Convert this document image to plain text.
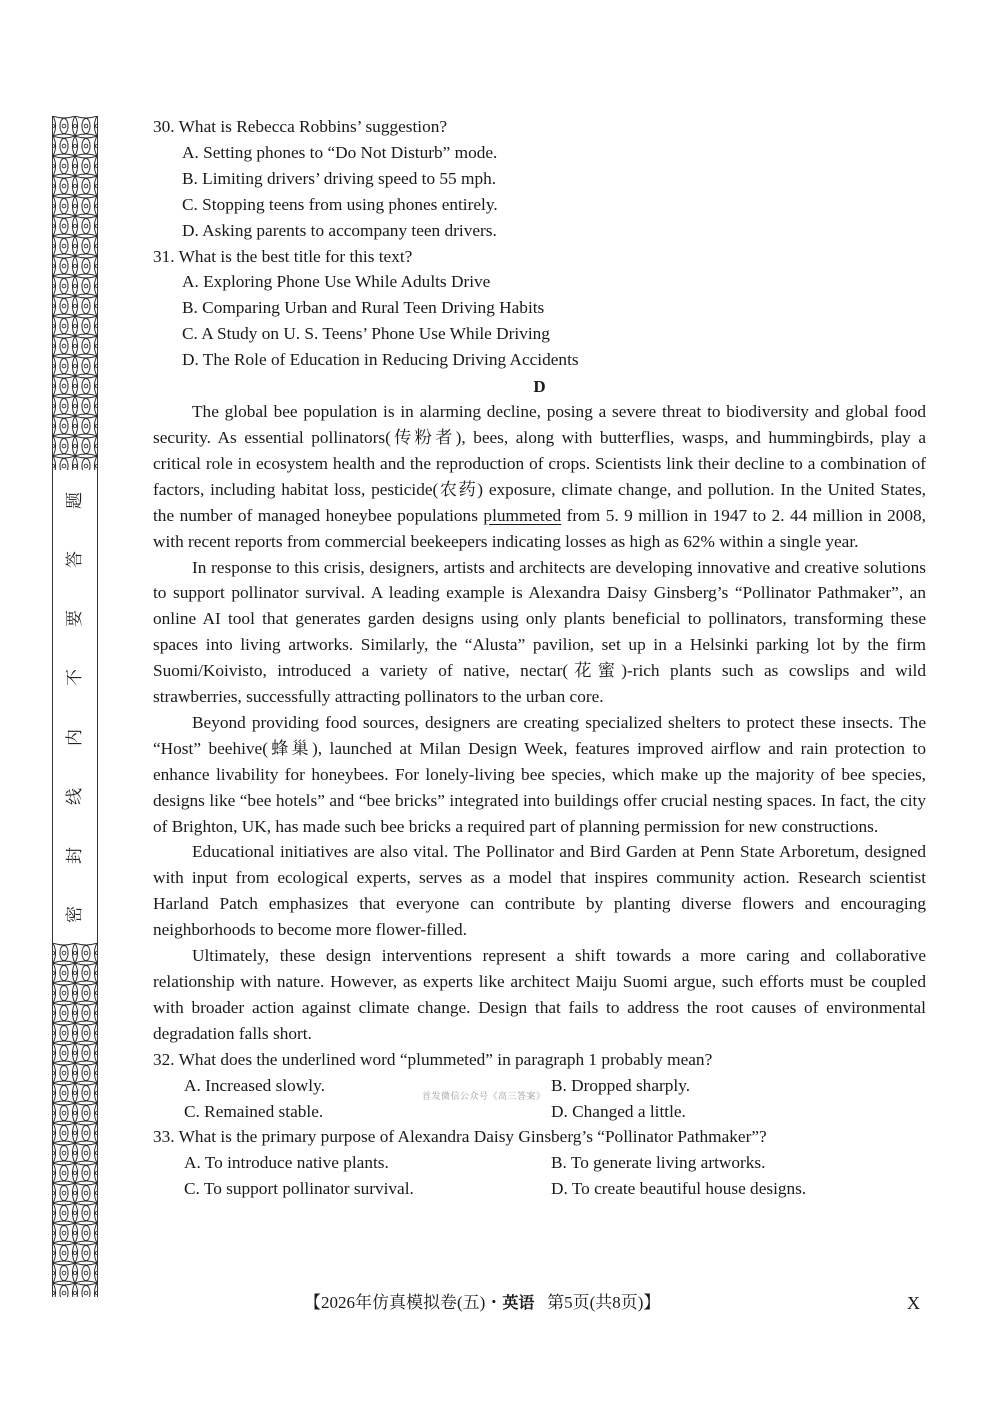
密
封
线
内
不
要
答
题
30. What is Rebecca Robbins’ suggestion?
A. Setting phones to “Do Not Disturb” mode.
B. Limiting drivers’ driving speed to 55 mph.
C. Stopping teens from using phones entirely.
D. Asking parents to accompany teen drivers.
31. What is the best title for this text?
A. Exploring Phone Use While Adults Drive
B. Comparing Urban and Rural Teen Driving Habits
C. A Study on U. S. Teens’ Phone Use While Driving
D. The Role of Education in Reducing Driving Accidents
D

The global bee population is in alarming decline, posing a severe threat to biodiversity and global food security. As essential pollinators(传粉者), bees, along with butterflies, wasps, and hummingbirds, play a critical role in ecosystem health and the reproduction of crops. Scientists link their decline to a combination of factors, including habitat loss, pesticide(农药) exposure, climate change, and pollution. In the United States, the number of managed honeybee populations plummeted from 5. 9 million in 1947 to 2. 44 million in 2008, with recent reports from commercial beekeepers indicating losses as high as 62% within a single year.

In response to this crisis, designers, artists and architects are developing innovative and creative solutions to support pollinator survival. A leading example is Alexandra Daisy Ginsberg’s “Pollinator Pathmaker”, an online AI tool that generates garden designs using only plants beneficial to pollinators, transforming these spaces into living artworks. Similarly, the “Alusta” pavilion, set up in a Helsinki parking lot by the firm Suomi/Koivisto, introduced a variety of native, nectar(花蜜)-rich plants such as cowslips and wild strawberries, successfully attracting pollinators to the urban core.

Beyond providing food sources, designers are creating specialized shelters to protect these insects. The “Host” beehive(蜂巢), launched at Milan Design Week, features improved airflow and rain protection to enhance livability for honeybees. For lonely-living bee species, which make up the majority of bee species, designs like “bee hotels” and “bee bricks” integrated into buildings offer crucial nesting spaces. In fact, the city of Brighton, UK, has made such bee bricks a required part of planning permission for new constructions.

Educational initiatives are also vital. The Pollinator and Bird Garden at Penn State Arboretum, designed with input from ecological experts, serves as a model that inspires community action. Research scientist Harland Patch emphasizes that everyone can contribute by planting diverse flowers and encouraging neighborhoods to become more flower-filled.

Ultimately, these design interventions represent a shift towards a more caring and collaborative relationship with nature. However, as experts like architect Maiju Suomi argue, such efforts must be coupled with broader action against climate change. Design that fails to address the root causes of environmental degradation falls short.

32. What does the underlined word “plummeted” in paragraph 1 probably mean?
A. Increased slowly.	B. Dropped sharply.
C. Remained stable.	D. Changed a little.
33. What is the primary purpose of Alexandra Daisy Ginsberg’s “Pollinator Pathmaker”?
A. To introduce native plants.	B. To generate living artworks.
C. To support pollinator survival.	D. To create beautiful house designs.
首发微信公众号《高三答案》
【2026年仿真模拟卷(五)・英语 第5页(共8页)】	X
